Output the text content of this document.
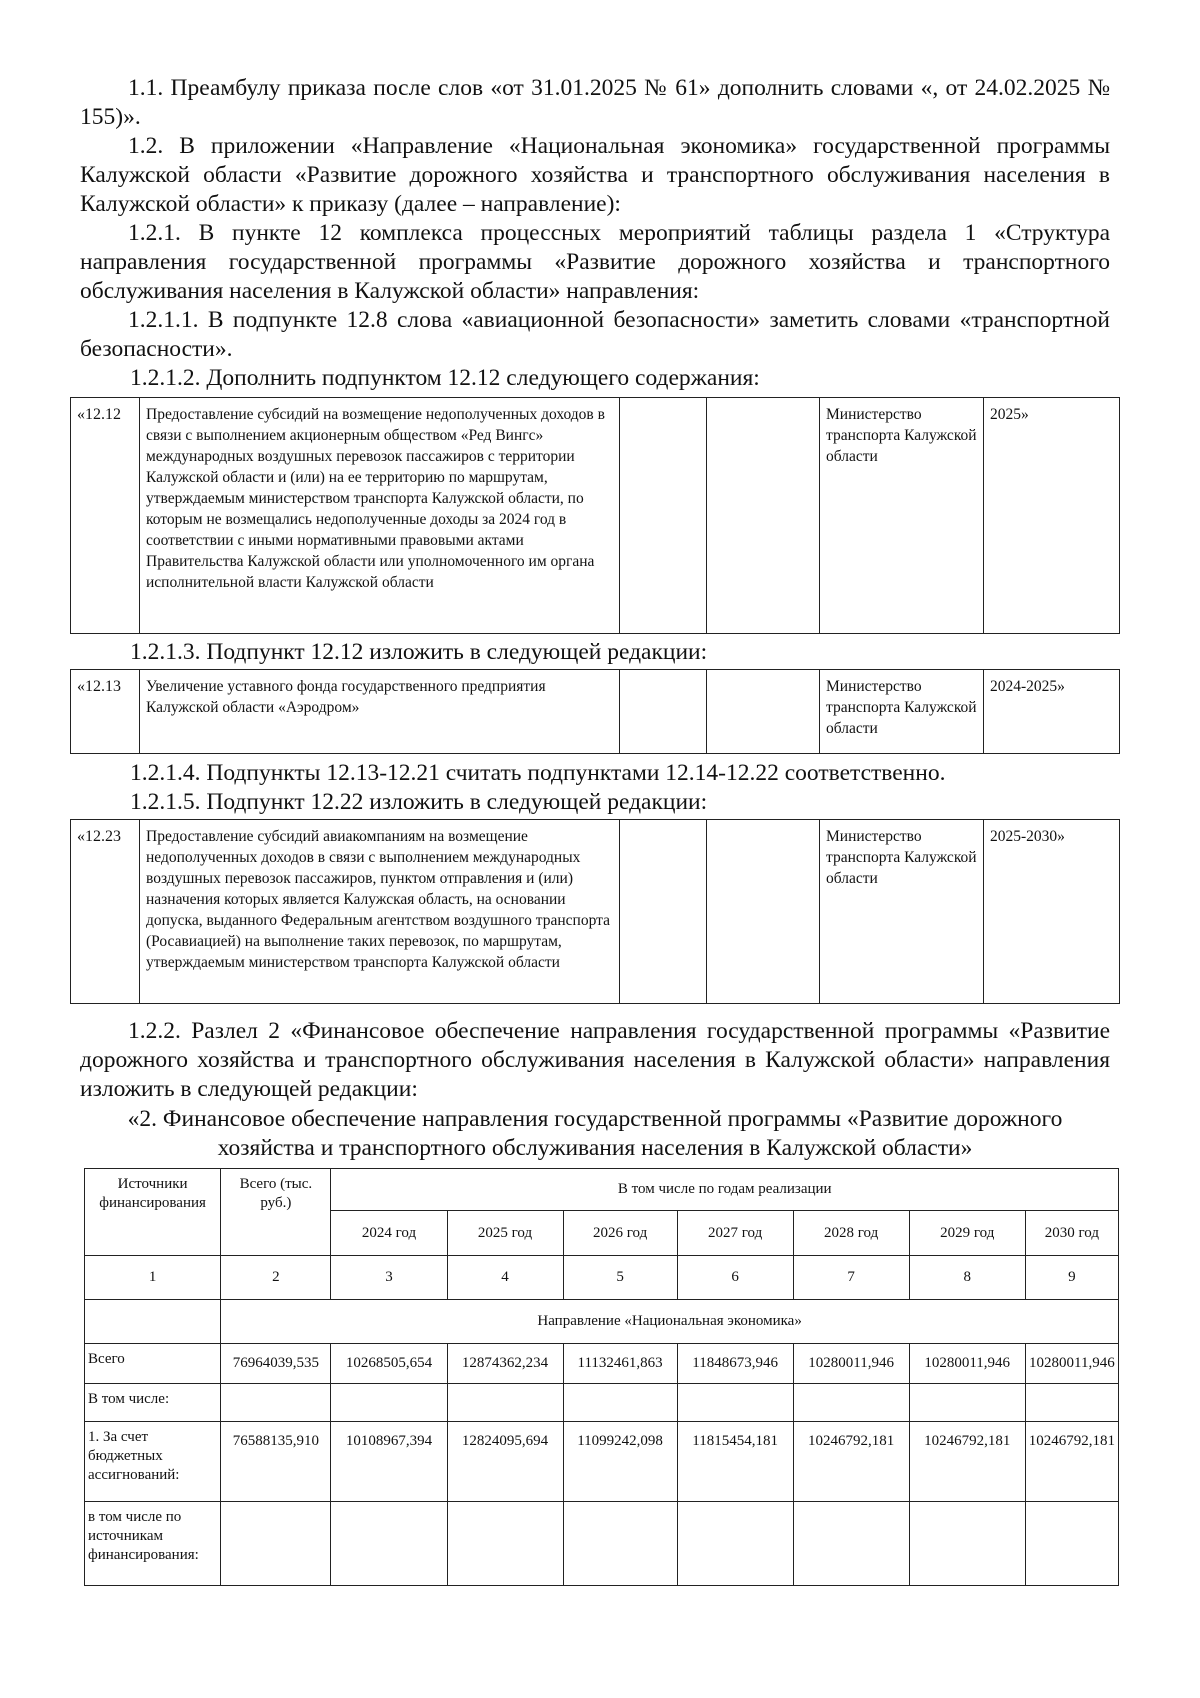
1.1. Преамбулу приказа после слов «от 31.01.2025 № 61» дополнить словами «, от 24.02.2025 № 155)».

1.2. В приложении «Направление «Национальная экономика» государственной программы Калужской области «Развитие дорожного хозяйства и транспортного обслуживания населения в Калужской области» к приказу (далее – направление):

1.2.1. В пункте 12 комплекса процессных мероприятий таблицы раздела 1 «Структура направления государственной программы «Развитие дорожного хозяйства и транспортного обслуживания населения в Калужской области» направления:

1.2.1.1. В подпункте 12.8 слова «авиационной безопасности» заметить словами «транспортной безопасности».

1.2.1.2. Дополнить подпунктом 12.12 следующего содержания:

«12.12	Предоставление субсидий на возмещение недополученных доходов в связи с выполнением акционерным обществом «Ред Вингс» международных воздушных перевозок пассажиров с территории Калужской области и (или) на ее территорию по маршрутам, утверждаемым министерством транспорта Калужской области, по которым не возмещались недополученные доходы за 2024 год в соответствии с иными нормативными правовыми актами Правительства Калужской области или уполномоченного им органа исполнительной власти Калужской области			Министерство транспорта Калужской области	2025»

1.2.1.3. Подпункт 12.12 изложить в следующей редакции:

«12.13	Увеличение уставного фонда государственного предприятия Калужской области «Аэродром»			Министерство транспорта Калужской области	2024-2025»

1.2.1.4. Подпункты 12.13-12.21 считать подпунктами 12.14-12.22 соответственно.

1.2.1.5. Подпункт 12.22 изложить в следующей редакции:

«12.23	Предоставление субсидий авиакомпаниям на возмещение недополученных доходов в связи с выполнением международных воздушных перевозок пассажиров, пунктом отправления и (или) назначения которых является Калужская область, на основании допуска, выданного Федеральным агентством воздушного транспорта (Росавиацией) на выполнение таких перевозок, по маршрутам, утверждаемым министерством транспорта Калужской области			Министерство транспорта Калужской области	2025-2030»

1.2.2. Разлел 2 «Финансовое обеспечение направления государственной программы «Развитие дорожного хозяйства и транспортного обслуживания населения в Калужской области» направления изложить в следующей редакции:

«2. Финансовое обеспечение направления государственной программы «Развитие дорожного хозяйства и транспортного обслуживания населения в Калужской области»

Источники финансирования	Всего (тыс. руб.)	В том числе по годам реализации						
		2024 год	2025 год	2026 год	2027 год	2028 год	2029 год	2030 год
1	2	3	4	5	6	7	8	9
	Направление «Национальная экономика»							
Всего	76964039,535	10268505,654	12874362,234	11132461,863	11848673,946	10280011,946	10280011,946	10280011,946
В том числе:								
1. За счет бюджетных ассигнований:	76588135,910	10108967,394	12824095,694	11099242,098	11815454,181	10246792,181	10246792,181	10246792,181
в том числе по источникам финансирования:								
